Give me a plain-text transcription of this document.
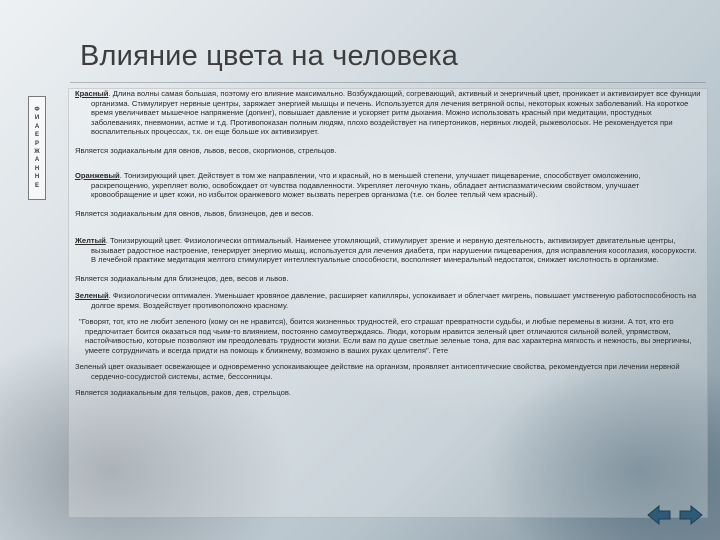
Влияние цвета на человека
Ф
И
А
Е
Р
Ж
А
Н
Н
Е

Красный. Длина волны самая большая, поэтому его влияние максимально. Возбуждающий, согревающий, активный и энергичный цвет, проникает и активизирует все функции организма. Стимулирует нервные центры, заряжает энергией мышцы и печень. Используется для лечения ветряной оспы, некоторых кожных заболеваний. На короткое время увеличивает мышечное напряжение (допинг), повышает давление и ускоряет ритм дыхания. Можно использовать красный при медитации, простудных заболеваниях, пневмонии, астме и т.д. Противопоказан полным людям, плохо воздействует на гипертоников, нервных людей, рыжеволосых. Не рекомендуется при воспалительных процессах, т.к. он еще больше их активизирует.

Является зодиакальным для овнов, львов, весов, скорпионов, стрельцов.

Оранжевый. Тонизирующий цвет. Действует в том же направлении, что и красный, но в меньшей степени, улучшает пищеварение, способствует омоложению, раскрепощению, укрепляет волю, освобождает от чувства подавленности. Укрепляет легочную ткань, обладает антиспазматическим свойством, улучшает кровообращение и цвет кожи, но избыток оранжевого может вызвать перегрев организма (т.е. он более теплый чем красный).

Является зодиакальным для овнов, львов, близнецов, дев и весов.

Желтый. Тонизирующий цвет. Физиологически оптимальный. Наименее утомляющий, стимулирует зрение и нервную деятельность, активизирует двигательные центры, вызывает радостное настроение, генерирует энергию мышц, используется для лечения диабета, при нарушении пищеварения, для исправления косоглазия, косорукости. В лечебной практике медитация желтого стимулирует интеллектуальные способности, восполняет минеральный недостаток, снижает кислотность в организме.

Является зодиакальным для близнецов, дев, весов и львов.

Зеленый. Физиологически оптимален. Уменьшает кровяное давление, расширяет капилляры, успокаивает и облегчает мигрень, повышает умственную работоспособность на долгое время. Воздействует противоположно красному.

"Говорят, тот, кто не любит зеленого (кому он не нравится), боится жизненных трудностей, его страшат превратности судьбы, и любые перемены в жизни. А тот, кто его предпочитает боится оказаться под чьим-то влиянием, постоянно самоутверждаясь. Люди, которым нравится зеленый цвет отличаются сильной волей, упрямством, настойчивостью, которые позволяют им преодолевать трудности жизни. Если вам по душе светлые зеленые тона, для вас характерна мягкость и нежность, вы энергичны, умеете сотрудничать и всегда придти на помощь к ближнему, возможно в ваших руках целителя". Гете

Зеленый цвет оказывает освежающее и одновременно успокаивающее действие на организм, проявляет антисептические свойства, рекомендуется при лечении нервной сердечно-сосудистой системы, астме, бессонницы.

Является зодиакальным для тельцов, раков, дев, стрельцов.
